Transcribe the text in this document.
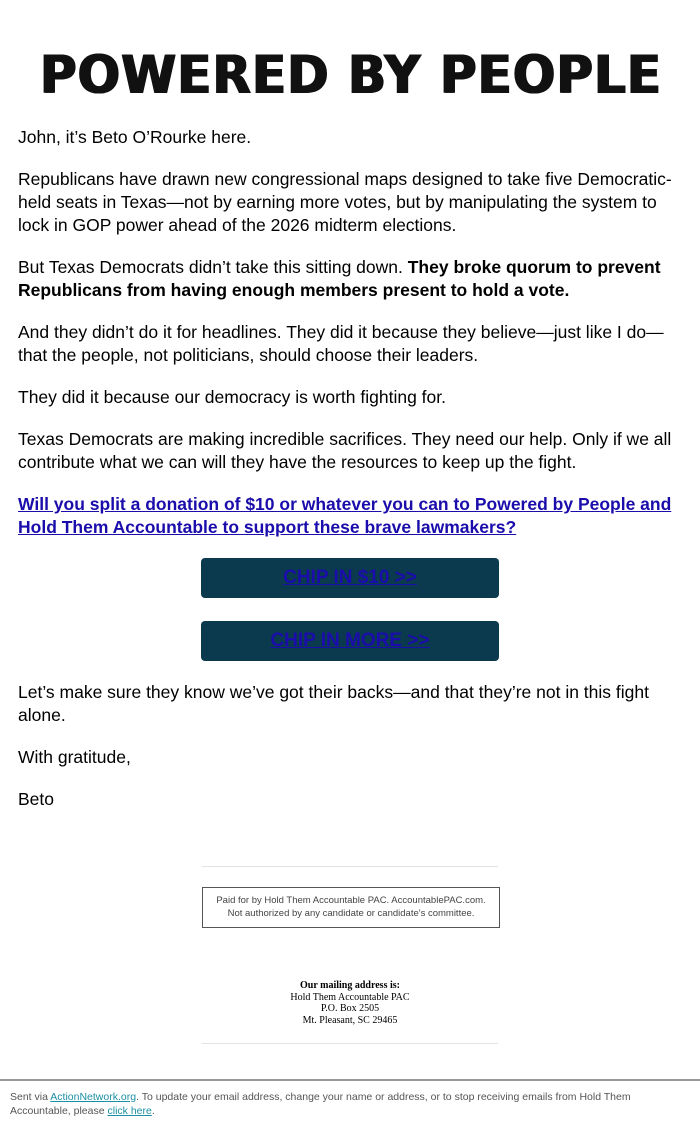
POWERED BY PEOPLE

John, it’s Beto O’Rourke here.

Republicans have drawn new congressional maps designed to take five Democratic-held seats in Texas—not by earning more votes, but by manipulating the system to lock in GOP power ahead of the 2026 midterm elections.

But Texas Democrats didn’t take this sitting down. They broke quorum to prevent Republicans from having enough members present to hold a vote.

And they didn’t do it for headlines. They did it because they believe—just like I do—that the people, not politicians, should choose their leaders.

They did it because our democracy is worth fighting for.

Texas Democrats are making incredible sacrifices. They need our help. Only if we all contribute what we can will they have the resources to keep up the fight.

Will you split a donation of $10 or whatever you can to Powered by People and Hold Them Accountable to support these brave lawmakers?

CHIP IN $10 >>
CHIP IN MORE >>

Let’s make sure they know we’ve got their backs—and that they’re not in this fight alone.

With gratitude,

Beto

Paid for by Hold Them Accountable PAC. AccountablePAC.com. Not authorized by any candidate or candidate's committee.
Our mailing address is:
Hold Them Accountable PAC
P.O. Box 2505
Mt. Pleasant, SC 29465
Sent via ActionNetwork.org. To update your email address, change your name or address, or to stop receiving emails from Hold Them Accountable, please click here.
